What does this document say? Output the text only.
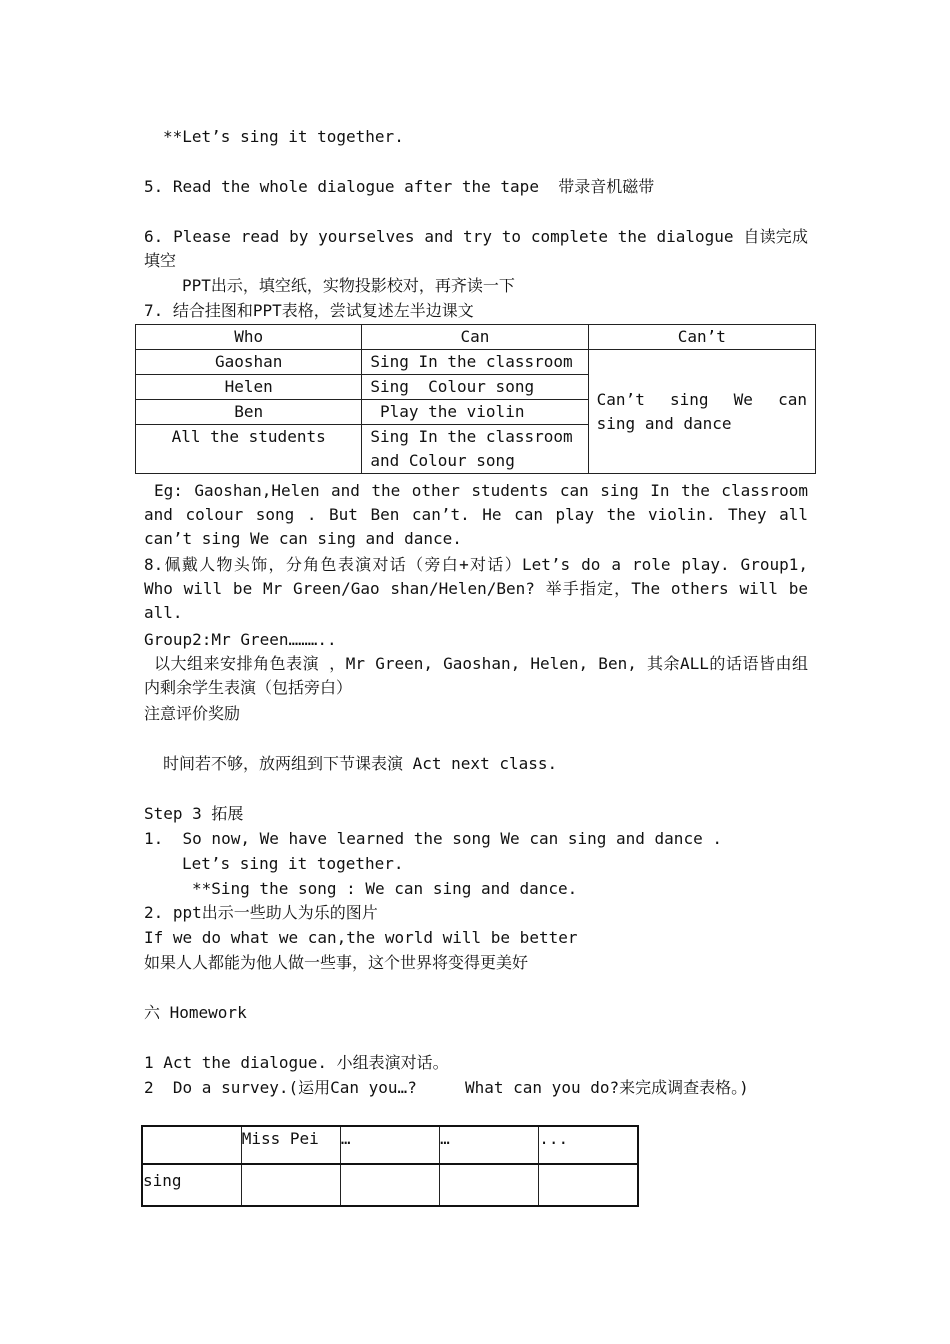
**Let’s sing it together.
5. Read the whole dialogue after the tape  带录音机磁带
6. Please read by yourselves and try to complete the dialogue 自读完成填空
PPT出示，填空纸，实物投影校对，再齐读一下
7. 结合挂图和PPT表格，尝试复述左半边课文
Who	Can	Can’t
Gaoshan	Sing In the classroom	Can’t sing We can sing and dance
Helen	Sing  Colour song	
Ben	Play the violin	
All the students	Sing In the classroom and Colour song	
Eg: Gaoshan,Helen and the other students can sing In the classroom and colour song . But Ben can’t. He can play the violin. They all can’t sing We can sing and dance.
8.佩戴人物头饰，分角色表演对话（旁白+对话）Let’s do a role play. Group1, Who will be Mr Green/Gao shan/Helen/Ben? 举手指定，The others will be all.
Group2:Mr Green………..
以大组来安排角色表演 ，Mr Green, Gaoshan, Helen, Ben, 其余ALL的话语皆由组内剩余学生表演（包括旁白）
注意评价奖励
时间若不够，放两组到下节课表演 Act next class.
Step 3 拓展
1.  So now, We have learned the song We can sing and dance .
Let’s sing it together.
**Sing the song : We can sing and dance.
2. ppt出示一些助人为乐的图片
If we do what we can,the world will be better
如果人人都能为他人做一些事，这个世界将变得更美好
六 Homework
1 Act the dialogue. 小组表演对话。
2  Do a survey.(运用Can you…?     What can you do?来完成调查表格。)
	Miss Pei	…	…	...
sing				
